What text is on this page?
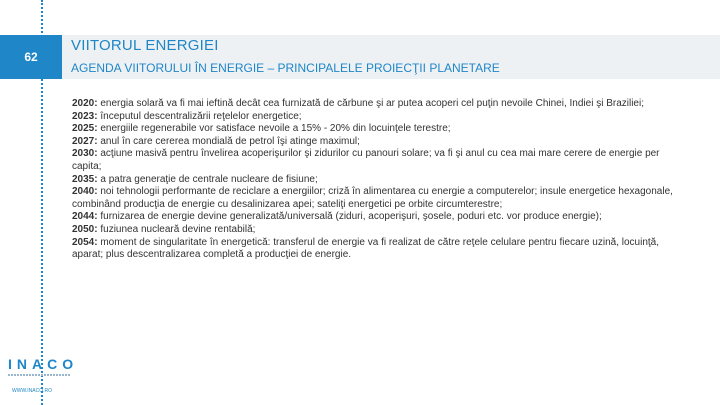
62
VIITORUL ENERGIEI
AGENDA VIITORULUI ÎN ENERGIE – PRINCIPALELE PROIECŢII PLANETARE
2020: energia solară va fi mai ieftină decât cea furnizată de cărbune şi ar putea acoperi cel puţin nevoile Chinei, Indiei şi Braziliei;
2023: începutul descentralizării reţelelor energetice;
2025: energiile regenerabile vor satisface nevoile a 15% - 20% din locuinţele terestre;
2027: anul în care cererea mondială de petrol îşi atinge maximul;
2030: acţiune masivă pentru învelirea acoperişurilor şi zidurilor cu panouri solare; va fi şi anul cu cea mai mare cerere de energie per capita;
2035: a patra generaţie de centrale nucleare de fisiune;
2040: noi tehnologii performante de reciclare a energiilor; criză în alimentarea cu energie a computerelor; insule energetice hexagonale, combinând producţia de energie cu desalinizarea apei; sateliţi energetici pe orbite circumterestre;
2044: furnizarea de energie devine generalizată/universală (ziduri, acoperişuri, şosele, poduri etc. vor produce energie);
2050: fuziunea nucleară devine rentabilă;
2054: moment de singularitate în energetică: transferul de energie va fi realizat de către reţele celulare pentru fiecare uzină, locuinţă, aparat; plus descentralizarea completă a producţiei de energie.
INACO
WWW.INACO.RO
